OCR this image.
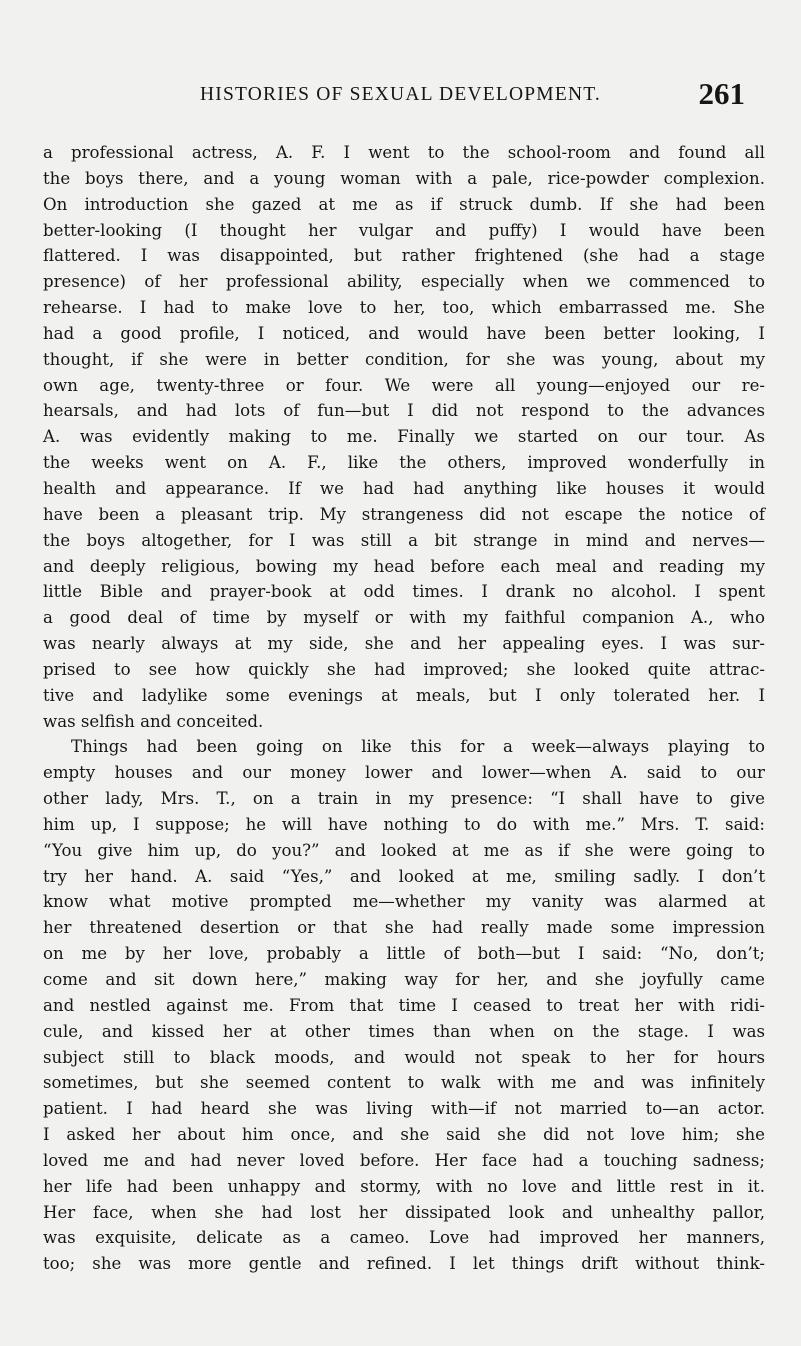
HISTORIES OF SEXUAL DEVELOPMENT.	261
a professional actress, A. F. I went to the school-room and found all
the boys there, and a young woman with a pale, rice-powder complexion.
On introduction she gazed at me as if struck dumb. If she had been
better-looking (I thought her vulgar and puffy) I would have been
flattered. I was disappointed, but rather frightened (she had a stage
presence) of her professional ability, especially when we commenced to
rehearse. I had to make love to her, too, which embarrassed me. She
had a good profile, I noticed, and would have been better looking, I
thought, if she were in better condition, for she was young, about my
own age, twenty-three or four. We were all young—enjoyed our re-
hearsals, and had lots of fun—but I did not respond to the advances
A. was evidently making to me. Finally we started on our tour. As
the weeks went on A. F., like the others, improved wonderfully in
health and appearance. If we had had anything like houses it would
have been a pleasant trip. My strangeness did not escape the notice of
the boys altogether, for I was still a bit strange in mind and nerves—
and deeply religious, bowing my head before each meal and reading my
little Bible and prayer-book at odd times. I drank no alcohol. I spent
a good deal of time by myself or with my faithful companion A., who
was nearly always at my side, she and her appealing eyes. I was sur-
prised to see how quickly she had improved; she looked quite attrac-
tive and ladylike some evenings at meals, but I only tolerated her. I
was selfish and conceited.
Things had been going on like this for a week—always playing to
empty houses and our money lower and lower—when A. said to our
other lady, Mrs. T., on a train in my presence: “I shall have to give
him up, I suppose; he will have nothing to do with me.” Mrs. T. said:
“You give him up, do you?” and looked at me as if she were going to
try her hand. A. said “Yes,” and looked at me, smiling sadly. I don’t
know what motive prompted me—whether my vanity was alarmed at
her threatened desertion or that she had really made some impression
on me by her love, probably a little of both—but I said: “No, don’t;
come and sit down here,” making way for her, and she joyfully came
and nestled against me. From that time I ceased to treat her with ridi-
cule, and kissed her at other times than when on the stage. I was
subject still to black moods, and would not speak to her for hours
sometimes, but she seemed content to walk with me and was infinitely
patient. I had heard she was living with—if not married to—an actor.
I asked her about him once, and she said she did not love him; she
loved me and had never loved before. Her face had a touching sadness;
her life had been unhappy and stormy, with no love and little rest in it.
Her face, when she had lost her dissipated look and unhealthy pallor,
was exquisite, delicate as a cameo. Love had improved her manners,
too; she was more gentle and refined. I let things drift without think-
